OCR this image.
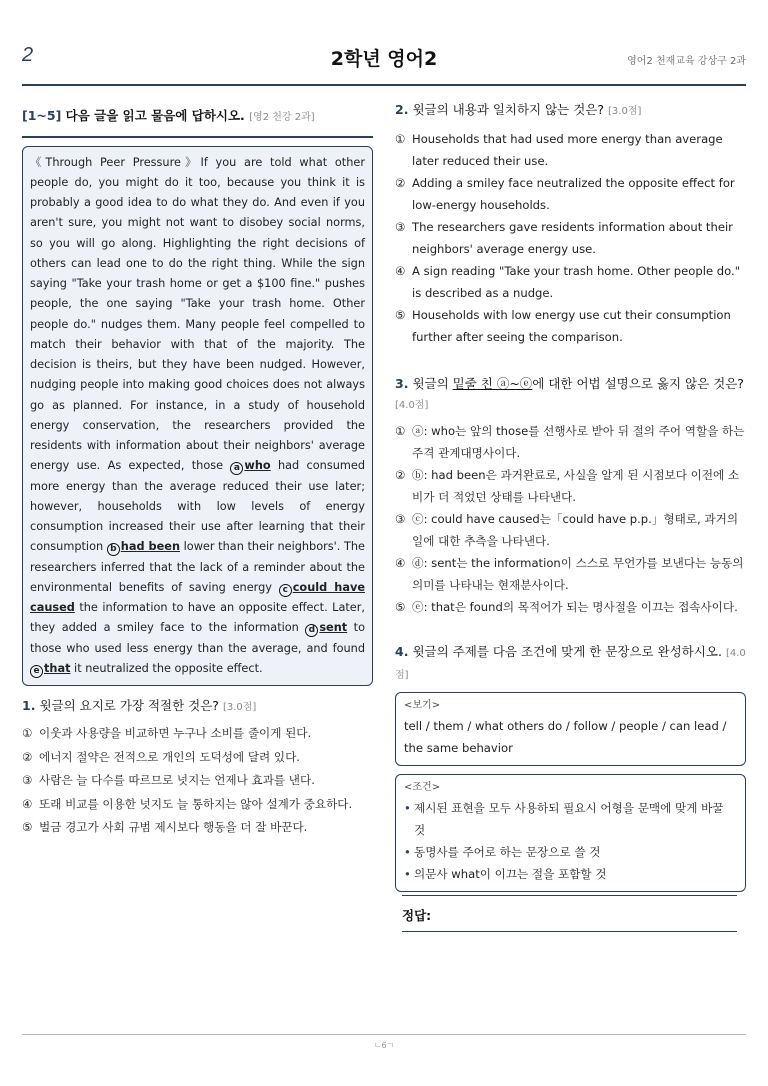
2	2학년 영어2	영어2 천재교육 강상구 2과
[1~5] 다음 글을 읽고 물음에 답하시오. [영2 천강 2과]
《Through Peer Pressure》If you are told what other people do, you might do it too, because you think it is probably a good idea to do what they do. And even if you aren't sure, you might not want to disobey social norms, so you will go along. Highlighting the right decisions of others can lead one to do the right thing. While the sign saying "Take your trash home or get a $100 fine." pushes people, the one saying "Take your trash home. Other people do." nudges them. Many people feel compelled to match their behavior with that of the majority. The decision is theirs, but they have been nudged. However, nudging people into making good choices does not always go as planned. For instance, in a study of household energy conservation, the researchers provided the residents with information about their neighbors' average energy use. As expected, those a who had consumed more energy than the average reduced their use later; however, households with low levels of energy consumption increased their use after learning that their consumption b had been lower than their neighbors'. The researchers inferred that the lack of a reminder about the environmental benefits of saving energy c could have caused the information to have an opposite effect. Later, they added a smiley face to the information d sent to those who used less energy than the average, and found e that it neutralized the opposite effect.
1. 윗글의 요지로 가장 적절한 것은? [3.0점]
① 이웃과 사용량을 비교하면 누구나 소비를 줄이게 된다.
② 에너지 절약은 전적으로 개인의 도덕성에 달려 있다.
③ 사람은 늘 다수를 따르므로 넛지는 언제나 효과를 낸다.
④ 또래 비교를 이용한 넛지도 늘 통하지는 않아 설계가 중요하다.
⑤ 벌금 경고가 사회 규범 제시보다 행동을 더 잘 바꾼다.
2. 윗글의 내용과 일치하지 않는 것은? [3.0점]
① Households that had used more energy than average later reduced their use.
② Adding a smiley face neutralized the opposite effect for low-energy households.
③ The researchers gave residents information about their neighbors' average energy use.
④ A sign reading "Take your trash home. Other people do." is described as a nudge.
⑤ Households with low energy use cut their consumption further after seeing the comparison.
3. 윗글의 밑줄 친 ⓐ~ⓔ에 대한 어법 설명으로 옳지 않은 것은?
[4.0점]
① ⓐ: who는 앞의 those를 선행사로 받아 뒤 절의 주어 역할을 하는 주격 관계대명사이다.
② ⓑ: had been은 과거완료로, 사실을 알게 된 시점보다 이전에 소비가 더 적었던 상태를 나타낸다.
③ ⓒ: could have caused는「could have p.p.」형태로, 과거의 일에 대한 추측을 나타낸다.
④ ⓓ: sent는 the information이 스스로 무언가를 보낸다는 능동의 의미를 나타내는 현재분사이다.
⑤ ⓔ: that은 found의 목적어가 되는 명사절을 이끄는 접속사이다.
4. 윗글의 주제를 다음 조건에 맞게 한 문장으로 완성하시오. [4.0점]
<보기>
tell / them / what others do / follow / people / can lead / the same behavior
<조건>
• 제시된 표현을 모두 사용하되 필요시 어형을 문맥에 맞게 바꿀 것
• 동명사를 주어로 하는 문장으로 쓸 것
• 의문사 what이 이끄는 절을 포함할 것
정답:
ㄴ6ㄱ
